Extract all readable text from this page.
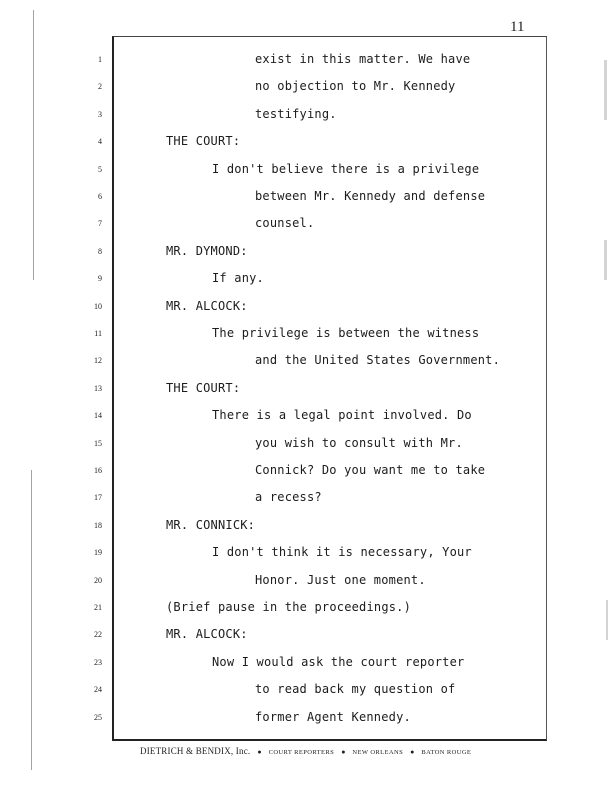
11
1	exist in this matter. We have
2	no objection to Mr. Kennedy
3	testifying.
4	THE COURT:
5	I don't believe there is a privilege
6	between Mr. Kennedy and defense
7	counsel.
8	MR. DYMOND:
9	If any.
10	MR. ALCOCK:
11	The privilege is between the witness
12	and the United States Government.
13	THE COURT:
14	There is a legal point involved. Do
15	you wish to consult with Mr.
16	Connick? Do you want me to take
17	a recess?
18	MR. CONNICK:
19	I don't think it is necessary, Your
20	Honor. Just one moment.
21	(Brief pause in the proceedings.)
22	MR. ALCOCK:
23	Now I would ask the court reporter
24	to read back my question of
25	former Agent Kennedy.
DIETRICH & BENDIX, Inc. ● COURT REPORTERS ● NEW ORLEANS ● BATON ROUGE
